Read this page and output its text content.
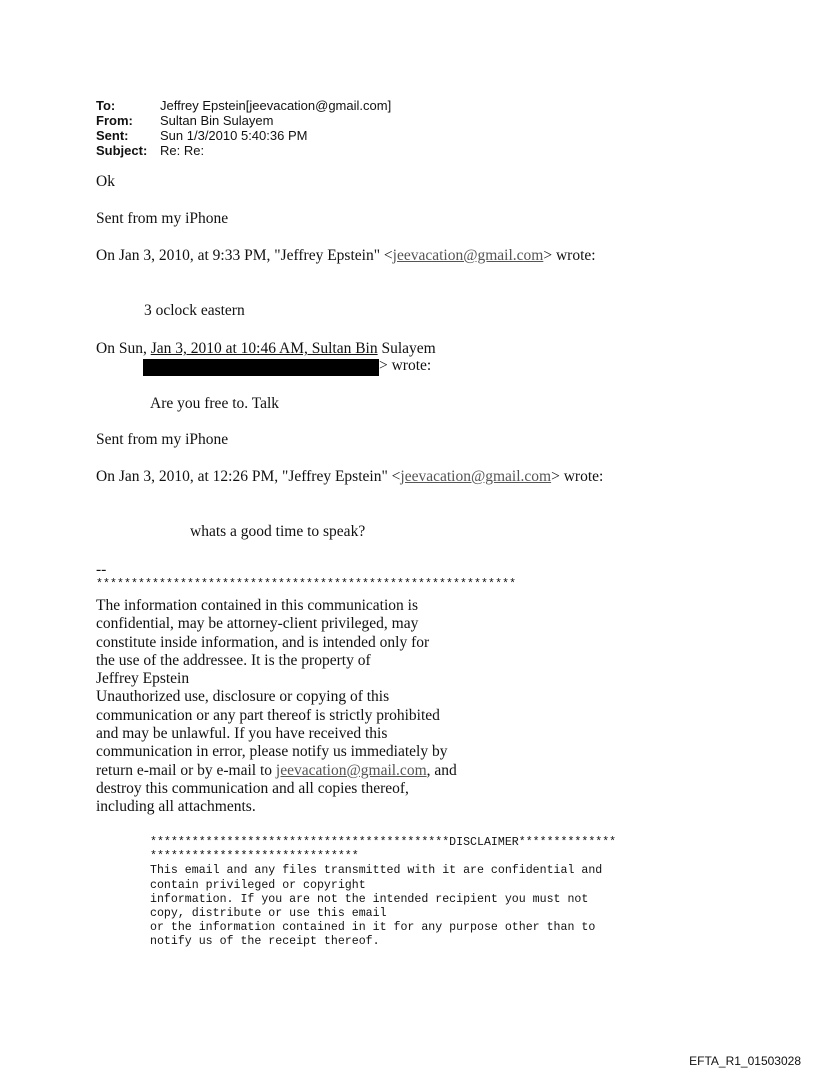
To:	Jeffrey Epstein[jeevacation@gmail.com]
From:	Sultan Bin Sulayem
Sent:	Sun 1/3/2010 5:40:36 PM
Subject: Re: Re:

Ok

Sent from my iPhone

On Jan 3, 2010, at 9:33 PM, "Jeffrey Epstein" <jeevacation@gmail.com> wrote:

3 oclock eastern

On Sun, Jan 3, 2010 at 10:46 AM, Sultan Bin Sulayem

> wrote:

Are you free to. Talk

Sent from my iPhone

On Jan 3, 2010, at 12:26 PM, "Jeffrey Epstein" <jeevacation@gmail.com> wrote:

whats a good time to speak?

--

************************************************************
The information contained in this communication is
confidential, may be attorney-client privileged, may
constitute inside information, and is intended only for
the use of the addressee. It is the property of
Jeffrey Epstein
Unauthorized use, disclosure or copying of this
communication or any part thereof is strictly prohibited
and may be unlawful. If you have received this
communication in error, please notify us immediately by
return e-mail or by e-mail to jeevacation@gmail.com, and
destroy this communication and all copies thereof,
including all attachments.
*******************************************DISCLAIMER**************
******************************
This email and any files transmitted with it are confidential and
contain privileged or copyright
information. If you are not the intended recipient you must not
copy, distribute or use this email
or the information contained in it for any purpose other than to
notify us of the receipt thereof.
EFTA_R1_01503028
